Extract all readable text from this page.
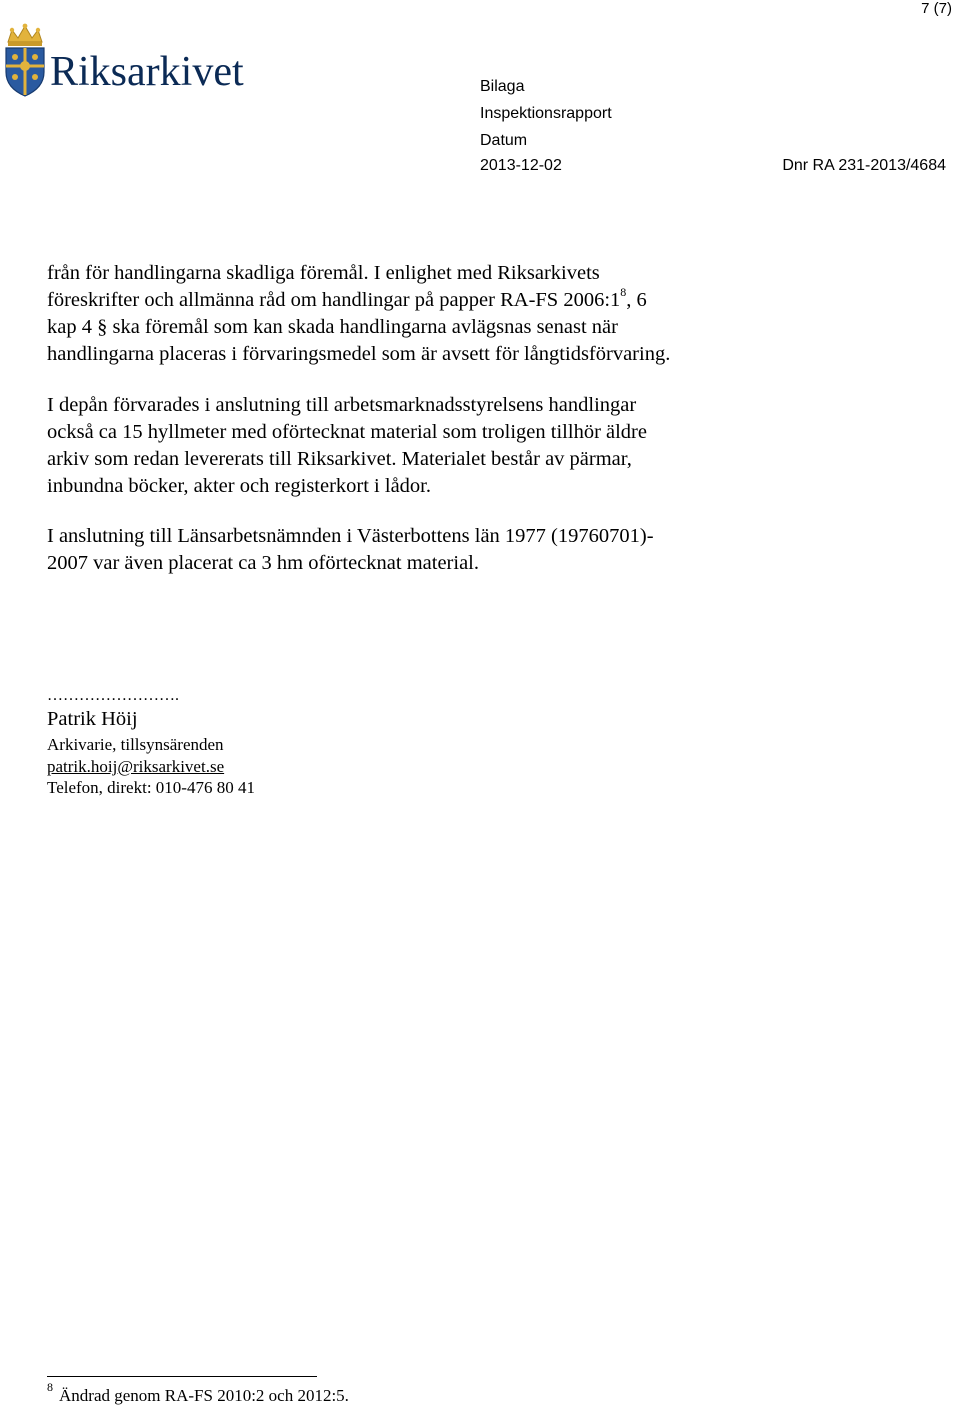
7 (7)
Riksarkivet	Bilaga
Inspektionsrapport
Datum
2013-12-02	Dnr RA 231-2013/4684
från för handlingarna skadliga föremål. I enlighet med Riksarkivets
föreskrifter och allmänna råd om handlingar på papper RA-FS $2006:1^8$, 6
kap 4 § ska föremål som kan skada handlingarna avlägsnas senast när
handlingarna placeras i förvaringsmedel som är avsett för långtidsförvaring.
I depån förvarades i anslutning till arbetsmarknadsstyrelsens handlingar
också ca 15 hyllmeter med oförtecknat material som troligen tillhör äldre
arkiv som redan levererats till Riksarkivet. Materialet består av pärmar,
inbundna böcker, akter och registerkort i lådor.
I anslutning till Länsarbetsnämnden i Västerbottens län 1977 (19760701)-
2007 var även placerat ca 3 hm oförtecknat material.
…………………….
Patrik Höij
Arkivarie, tillsynsärenden
patrik.hoij@riksarkivet.se
Telefon, direkt: 010-476 80 41
$^8$ Ändrad genom RA-FS 2010:2 och 2012:5.
